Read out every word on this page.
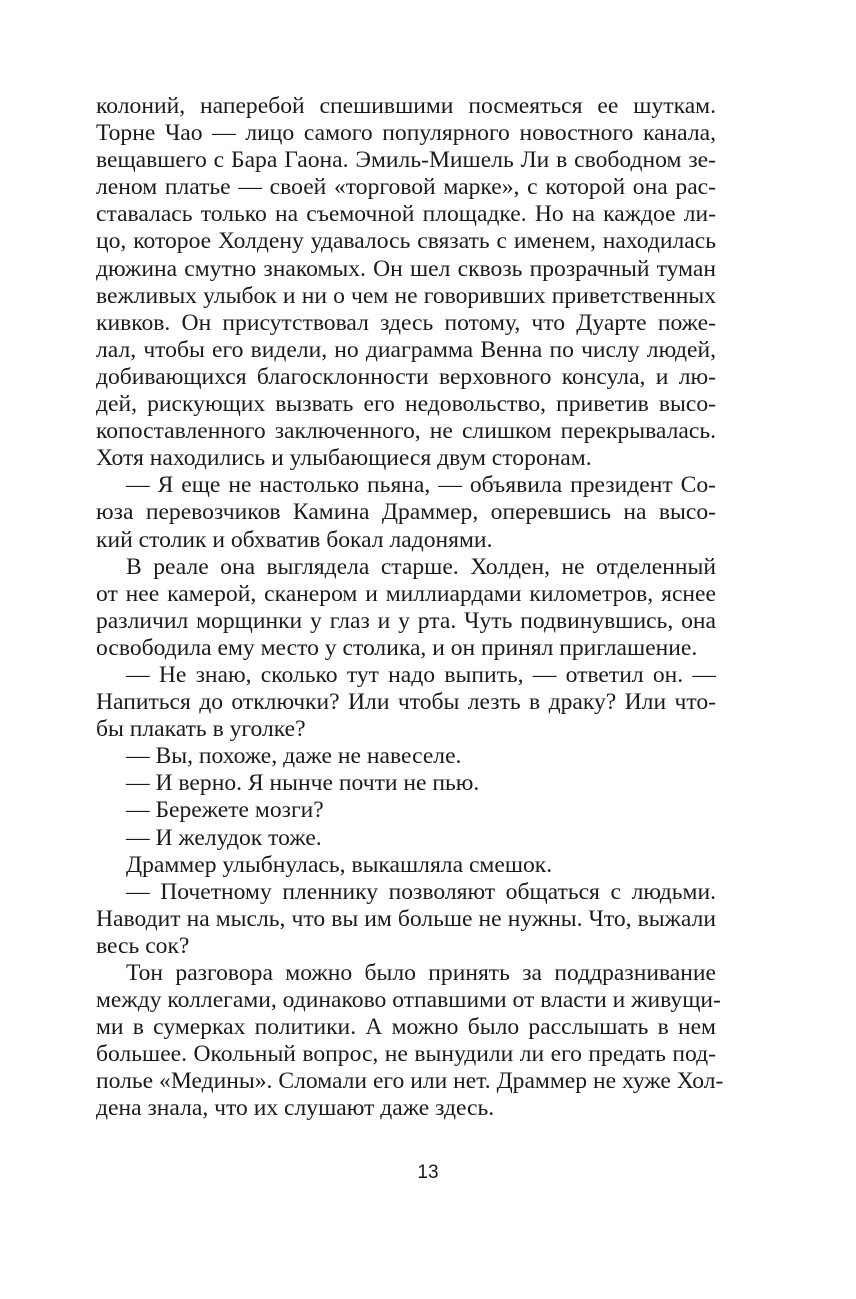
колоний, наперебой спешившими посмеяться ее шуткам.
Торне Чао — лицо самого популярного новостного канала,
вещавшего с Бара Гаона. Эмиль-Мишель Ли в свободном зе-
леном платье — своей «торговой марке», с которой она рас-
ставалась только на съемочной площадке. Но на каждое ли-
цо, которое Холдену удавалось связать с именем, находилась
дюжина смутно знакомых. Он шел сквозь прозрачный туман
вежливых улыбок и ни о чем не говоривших приветственных
кивков. Он присутствовал здесь потому, что Дуарте поже-
лал, чтобы его видели, но диаграмма Венна по числу людей,
добивающихся благосклонности верховного консула, и лю-
дей, рискующих вызвать его недовольство, приветив высо-
копоставленного заключенного, не слишком перекрывалась.
Хотя находились и улыбающиеся двум сторонам.
— Я еще не настолько пьяна, — объявила президент Со-
юза перевозчиков Камина Драммер, оперевшись на высо-
кий столик и обхватив бокал ладонями.
В реале она выглядела старше. Холден, не отделенный
от нее камерой, сканером и миллиардами километров, яснее
различил морщинки у глаз и у рта. Чуть подвинувшись, она
освободила ему место у столика, и он принял приглашение.
— Не знаю, сколько тут надо выпить, — ответил он. —
Напиться до отключки? Или чтобы лезть в драку? Или что-
бы плакать в уголке?
— Вы, похоже, даже не навеселе.
— И верно. Я нынче почти не пью.
— Бережете мозги?
— И желудок тоже.
Драммер улыбнулась, выкашляла смешок.
— Почетному пленнику позволяют общаться с людьми.
Наводит на мысль, что вы им больше не нужны. Что, выжали
весь сок?
Тон разговора можно было принять за поддразнивание
между коллегами, одинаково отпавшими от власти и живущи-
ми в сумерках политики. А можно было расслышать в нем
большее. Окольный вопрос, не вынудили ли его предать под-
полье «Медины». Сломали его или нет. Драммер не хуже Хол-
дена знала, что их слушают даже здесь.
13
